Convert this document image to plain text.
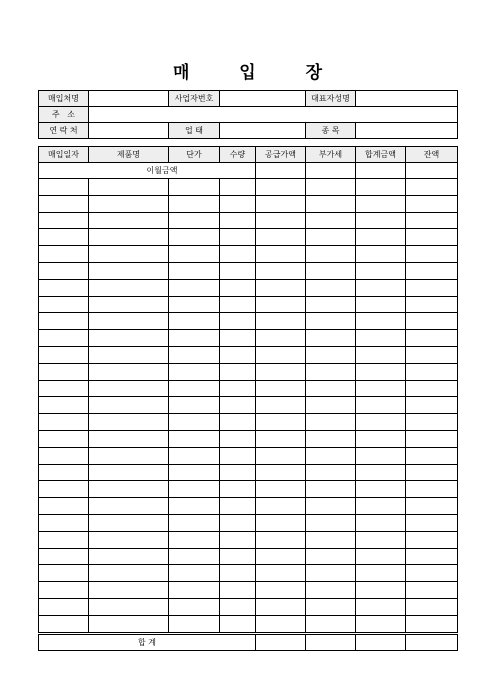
매 입 장
매입처명		사업자번호		대표자성명	
주   소					
연 락 처		업 태		종 목	
매입일자	제품명	단가	수량	공급가액	부가세	합계금액	잔액
이월금액							

합 계							
